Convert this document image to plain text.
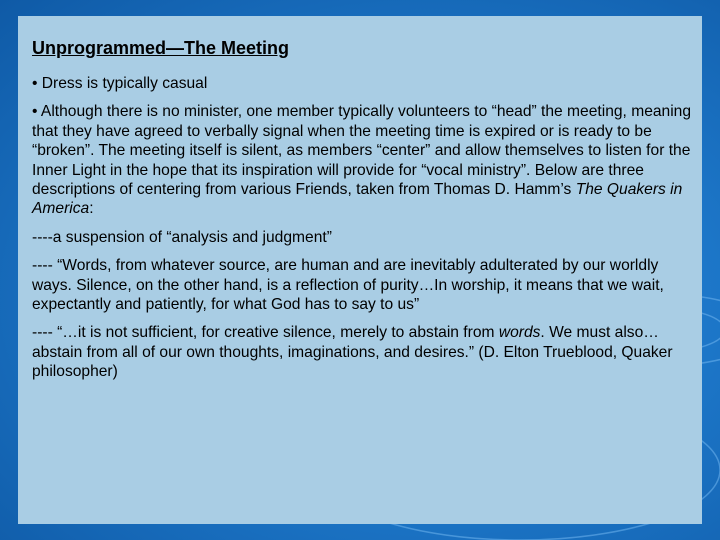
Unprogrammed—The Meeting

• Dress is typically casual

• Although there is no minister, one member typically volunteers to “head” the meeting, meaning that they have agreed to verbally signal when the meeting time is expired or is ready to be “broken”. The meeting itself is silent, as members “center” and allow themselves to listen for the Inner Light in the hope that its inspiration will provide for “vocal ministry”. Below are three descriptions of centering from various Friends, taken from Thomas D. Hamm’s The Quakers in America:

----a suspension of “analysis and judgment”

---- “Words, from whatever source, are human and are inevitably adulterated by our worldly ways. Silence, on the other hand, is a reflection of purity…In worship, it means that we wait, expectantly and patiently, for what God has to say to us”

---- “…it is not sufficient, for creative silence, merely to abstain from words. We must also…abstain from all of our own thoughts, imaginations, and desires.” (D. Elton Trueblood, Quaker philosopher)
